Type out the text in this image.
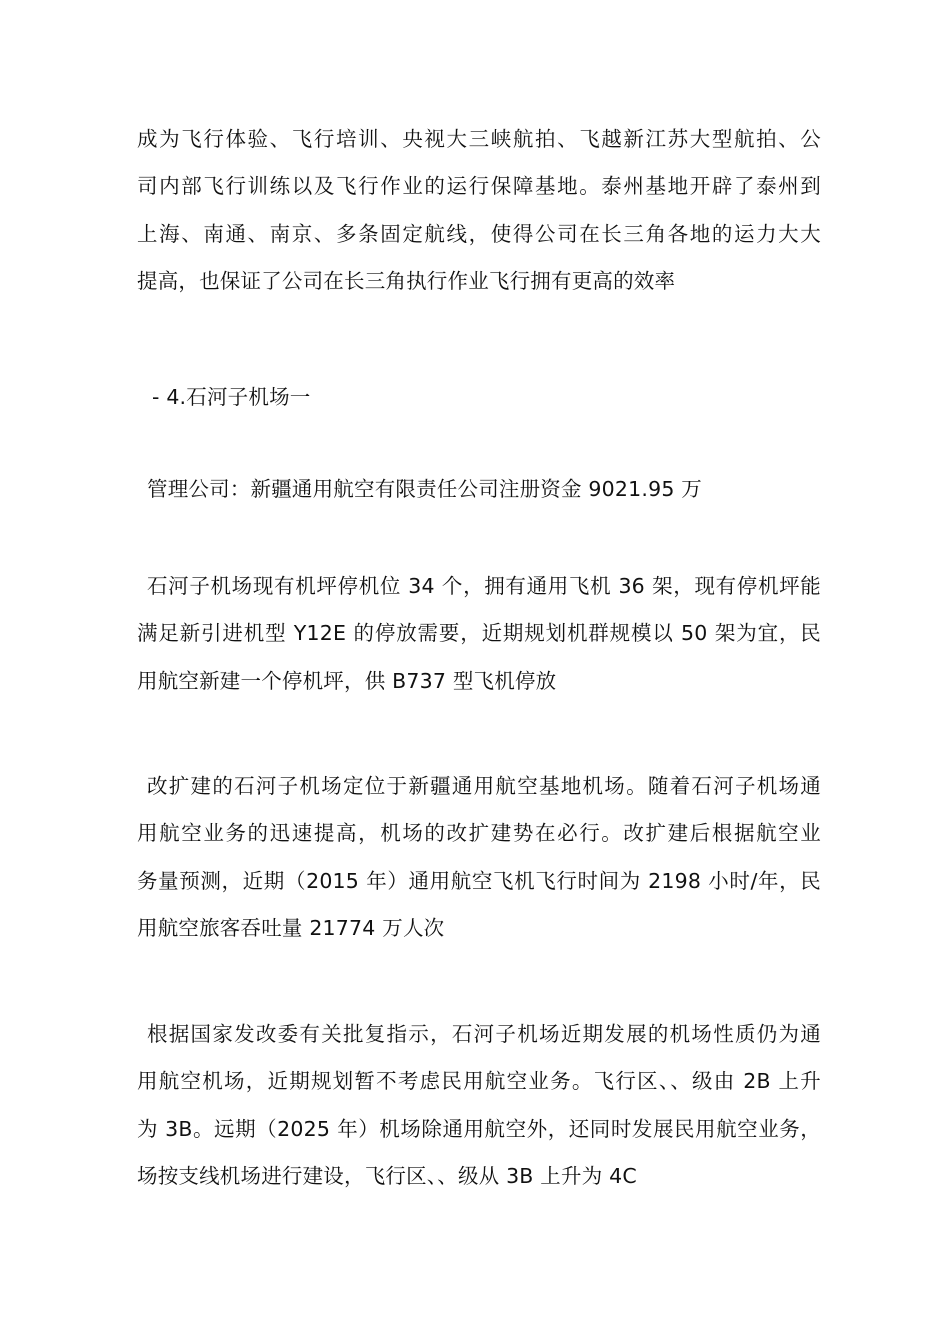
成为飞行体验、飞行培训、央视大三峡航拍、飞越新江苏大型航拍、公
司内部飞行训练以及飞行作业的运行保障基地。泰州基地开辟了泰州到
上海、南通、南京、多条固定航线，使得公司在长三角各地的运力大大
提高，也保证了公司在长三角执行作业飞行拥有更高的效率
- 4.石河子机场一
管理公司：新疆通用航空有限责任公司注册资金 9021.95 万
石河子机场现有机坪停机位 34 个，拥有通用飞机 36 架，现有停机坪能
满足新引进机型 Y12E 的停放需要，近期规划机群规模以 50 架为宜，民
用航空新建一个停机坪，供 B737 型飞机停放
改扩建的石河子机场定位于新疆通用航空基地机场。随着石河子机场通
用航空业务的迅速提高，机场的改扩建势在必行。改扩建后根据航空业
务量预测，近期（2015 年）通用航空飞机飞行时间为 2198 小时/年，民
用航空旅客吞吐量 21774 万人次
根据国家发改委有关批复指示，石河子机场近期发展的机场性质仍为通
用航空机场，近期规划暂不考虑民用航空业务。飞行区、、级由 2B 上升
为 3B。远期（2025 年）机场除通用航空外，还同时发展民用航空业务，
场按支线机场进行建设，飞行区、、级从 3B 上升为 4C
